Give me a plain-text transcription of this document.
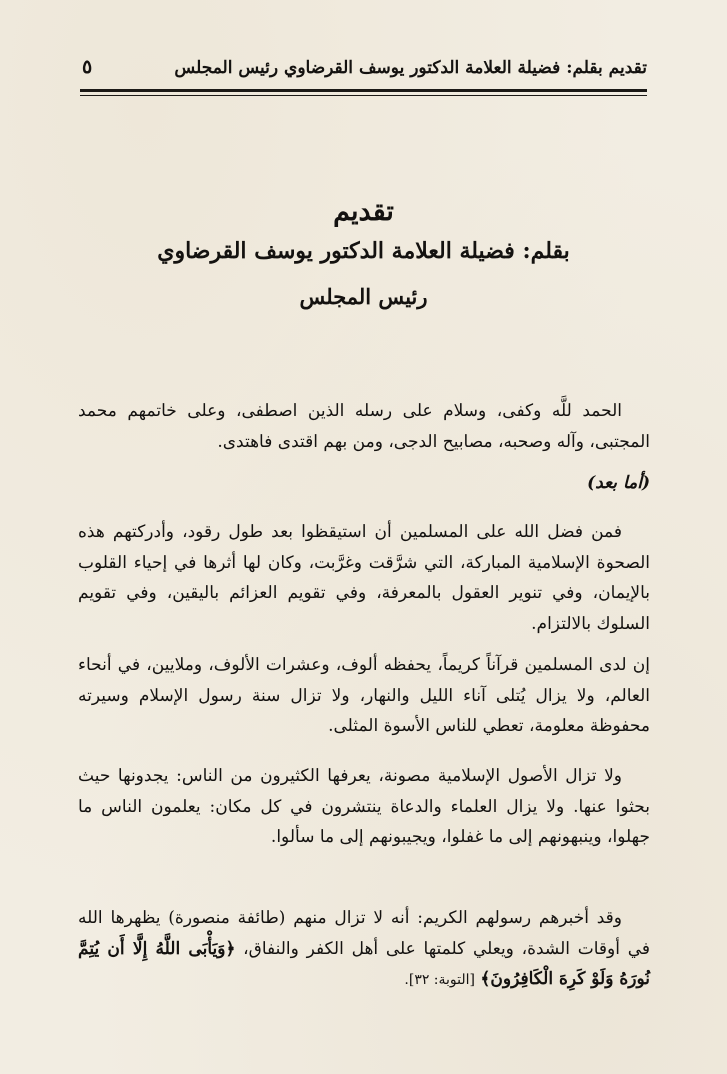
تقديم بقلم: فضيلة العلامة الدكتور يوسف القرضاوي رئيس المجلس
٥
تقديم
بقلم: فضيلة العلامة الدكتور يوسف القرضاوي
رئيس المجلس
الحمد للَّه وكفى، وسلام على رسله الذين اصطفى، وعلى خاتمهم محمد المجتبى، وآله وصحبه، مصابيح الدجى، ومن بهم اقتدى فاهتدى.
(أما بعد)
فمن فضل الله على المسلمين أن استيقظوا بعد طول رقود، وأدركتهم هذه الصحوة الإسلامية المباركة، التي شرَّقت وغرَّبت، وكان لها أثرها في إحياء القلوب بالإيمان، وفي تنوير العقول بالمعرفة، وفي تقويم العزائم باليقين، وفي تقويم السلوك بالالتزام.
إن لدى المسلمين قرآناً كريماً، يحفظه ألوف، وعشرات الألوف، وملايين، في أنحاء العالم، ولا يزال يُتلى آناء الليل والنهار، ولا تزال سنة رسول الإسلام وسيرته محفوظة معلومة، تعطي للناس الأسوة المثلى.
ولا تزال الأصول الإسلامية مصونة، يعرفها الكثيرون من الناس: يجدونها حيث بحثوا عنها. ولا يزال العلماء والدعاة ينتشرون في كل مكان: يعلمون الناس ما جهلوا، وينبهونهم إلى ما غفلوا، ويجيبونهم إلى ما سألوا.
وقد أخبرهم رسولهم الكريم: أنه لا تزال منهم (طائفة منصورة) يظهرها الله في أوقات الشدة، ويعلي كلمتها على أهل الكفر والنفاق، ﴿وَيَأْبَى اللَّهُ إِلَّا أَن يُتِمَّ نُورَهُ وَلَوْ كَرِهَ الْكَافِرُونَ﴾ [التوبة: ٣٢].
